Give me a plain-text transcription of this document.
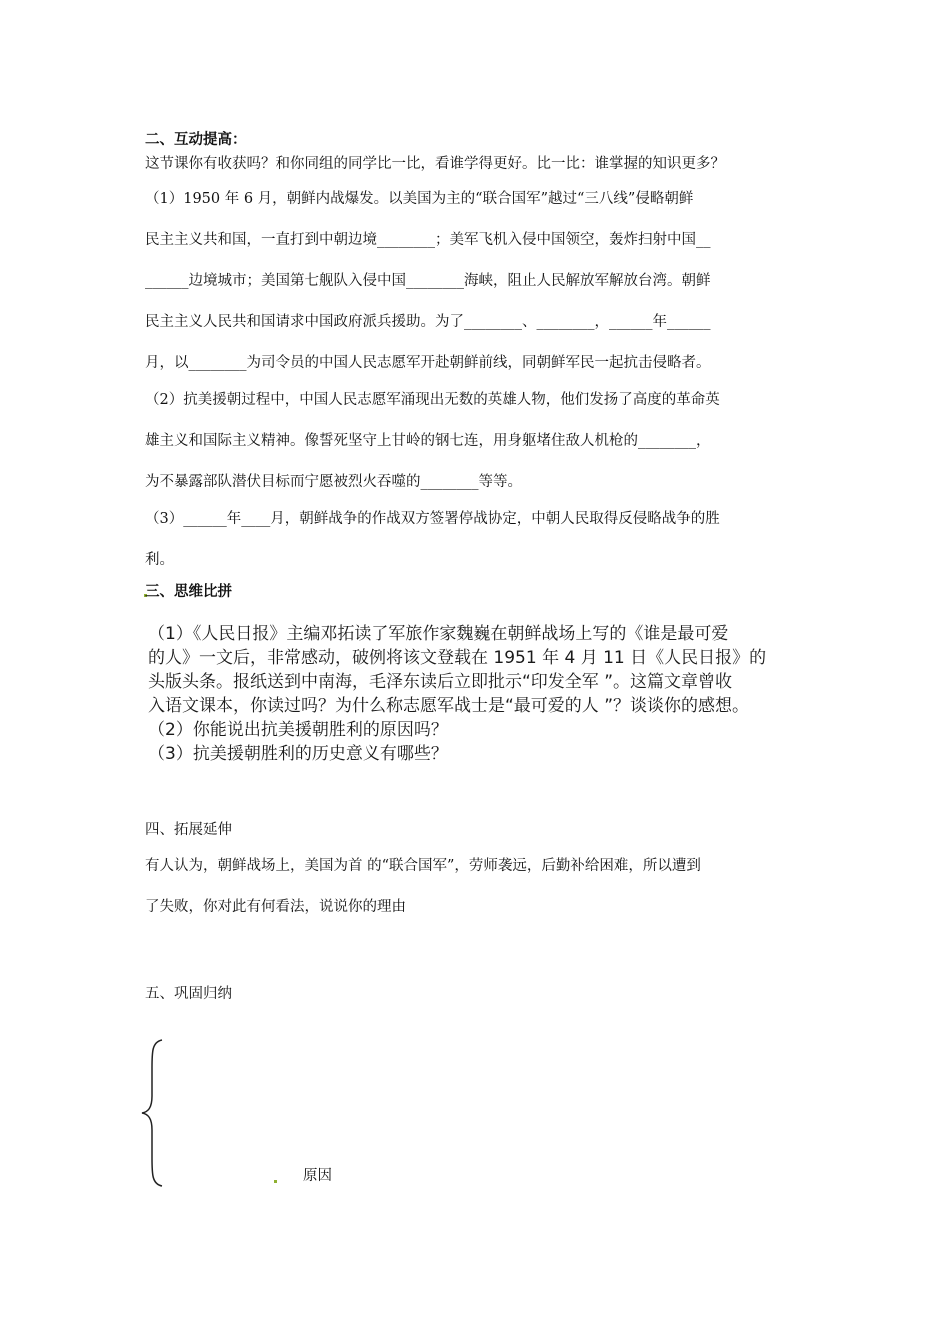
二、互动提高：
这节课你有收获吗？和你同组的同学比一比，看谁学得更好。比一比：谁掌握的知识更多？
（1）1950 年 6 月，朝鲜内战爆发。以美国为主的“联合国军”越过“三八线”侵略朝鲜
民主主义共和国，一直打到中朝边境________；美军飞机入侵中国领空，轰炸扫射中国__
______边境城市；美国第七舰队入侵中国________海峡，阻止人民解放军解放台湾。朝鲜
民主主义人民共和国请求中国政府派兵援助。为了________、________，______年______
月，以________为司令员的中国人民志愿军开赴朝鲜前线，同朝鲜军民一起抗击侵略者。
（2）抗美援朝过程中，中国人民志愿军涌现出无数的英雄人物，他们发扬了高度的革命英
雄主义和国际主义精神。像誓死坚守上甘岭的钢七连，用身躯堵住敌人机枪的________，
为不暴露部队潜伏目标而宁愿被烈火吞噬的________等等。
（3）______年____月，朝鲜战争的作战双方签署停战协定，中朝人民取得反侵略战争的胜
利。
三、思维比拼
（1）《人民日报》主编邓拓读了军旅作家魏巍在朝鲜战场上写的《谁是最可爱
的人》一文后，非常感动，破例将该文登载在 1951 年 4 月 11 日《人民日报》的
头版头条。报纸送到中南海，毛泽东读后立即批示“印发全军 ”。这篇文章曾收
入语文课本，你读过吗？为什么称志愿军战士是“最可爱的人 ”？谈谈你的感想。
（2）你能说出抗美援朝胜利的原因吗？
（3）抗美援朝胜利的历史意义有哪些？
四、拓展延伸
有人认为，朝鲜战场上，美国为首 的“联合国军”，劳师袭远，后勤补给困难，所以遭到
了失败，你对此有何看法，说说你的理由
五、巩固归纳
原因
